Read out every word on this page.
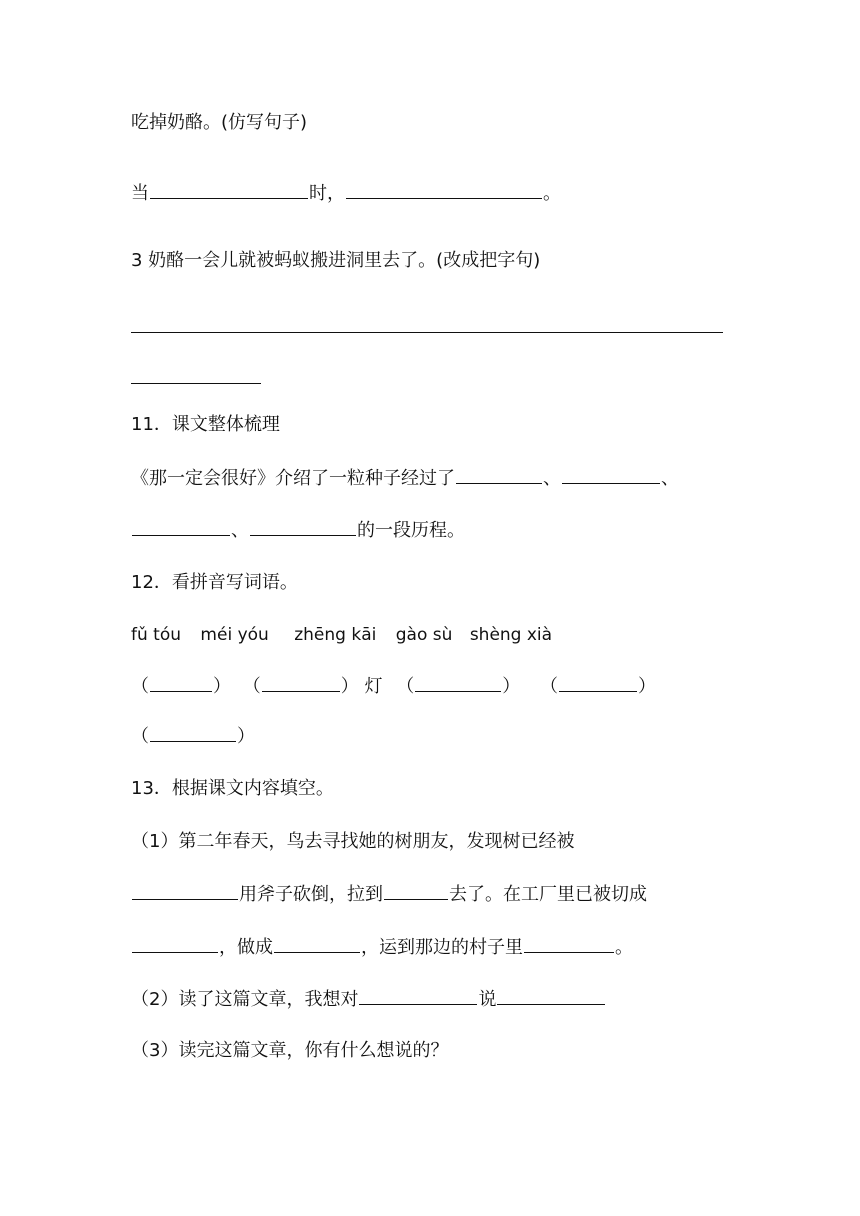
吃掉奶酪。(仿写句子)
当	时，	。
3 奶酪一会儿就被蚂蚁搬进洞里去了。(改成把字句)
11．课文整体梳理
《那一定会很好》介绍了一粒种子经过了	、	、
、	的一段历程。
12．看拼音写词语。
fǔ tóu méi yóu zhēng kāi gào sù shèng xià
（	） （	） 灯 （	） （	）
（	）
13．根据课文内容填空。
（1）第二年春天，鸟去寻找她的树朋友，发现树已经被
用斧子砍倒，拉到	去了。在工厂里已被切成
，做成	，运到那边的村子里	。
（2）读了这篇文章，我想对	说
（3）读完这篇文章，你有什么想说的？
